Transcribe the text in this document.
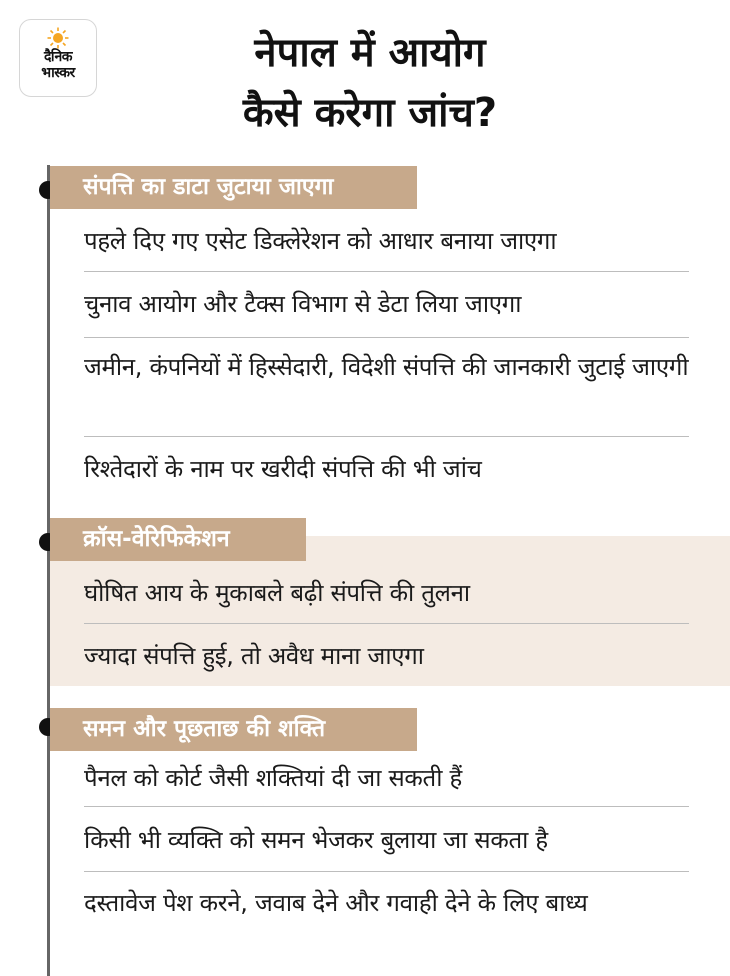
दैनिक
भास्कर	नेपाल में आयोग
कैसे करेगा जांच?
संपत्ति का डाटा जुटाया जाएगा
पहले दिए गए एसेट डिक्लेरेशन को आधार बनाया जाएगा
चुनाव आयोग और टैक्स विभाग से डेटा लिया जाएगा
जमीन, कंपनियों में हिस्सेदारी, विदेशी संपत्ति की जानकारी जुटाई जाएगी
रिश्तेदारों के नाम पर खरीदी संपत्ति की भी जांच
क्रॉस-वेरिफिकेशन
घोषित आय के मुकाबले बढ़ी संपत्ति की तुलना
ज्यादा संपत्ति हुई, तो अवैध माना जाएगा
समन और पूछताछ की शक्ति
पैनल को कोर्ट जैसी शक्तियां दी जा सकती हैं
किसी भी व्यक्ति को समन भेजकर बुलाया जा सकता है
दस्तावेज पेश करने, जवाब देने और गवाही देने के लिए बाध्य
